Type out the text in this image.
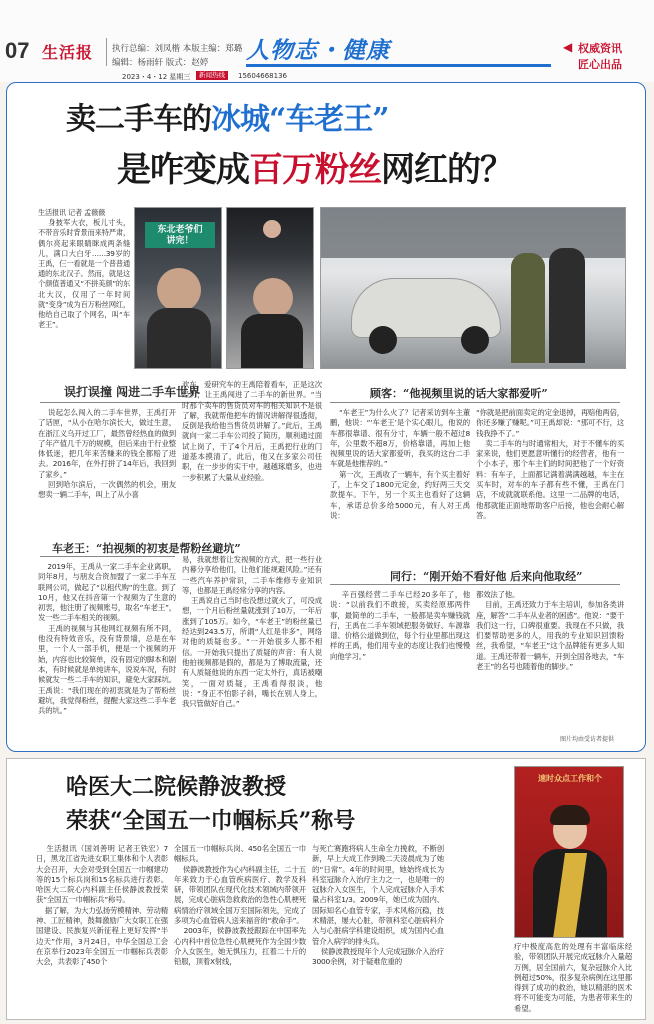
07 生活报 执行总编：刘凤楷 本版主编：郑璐
编辑：杨雨轩 版式：赵婷 人物志・健康	◀ 权威资讯
匠心出品
2023・4・12 星期三	新闻热线	15604668136
卖二手车的冰城“车老王”
是咋变成百万粉丝网红的？
生活报讯 记者 孟薇薇
身披军大衣，板儿寸头，不带音乐时背景而来特严肃，偶尔亮起来眼睛眯成两条缝儿，满口大白牙……39岁的王禹，仨一看就是一个普普通通的东北汉子。然而，就是这个颜值普通又“不拼美颜”的东北大汉，仅用了一年时间就“变身”成为百万粉丝网红，他给自己取了个网名，叫“车老王”。
东北老爷们
讲完！
误打误撞 闯进二手车世界
说起怎么闯入的二手车世界，王禹打开了话匣，“从小在哈尔滨长大，做过生意，在浙江义乌开过工厂，最然曾经热血的做到了年产值几千万的规模，但后来由于行业整体低迷，把几年来苦赚来的钱全都赔了进去。2016年，在外打拼了14年后，我回到了家乡。”
回到哈尔滨后，一次偶然的机会，朋友想卖一辆二手车，叫上了从小喜
欢车，爱研究车的王禹陪着看车，正是这次经历，让王禹闯进了二手车的新世界。“当时那个卖车的售货员对车的相关知识不是很了解，我就帮他把车的情况讲解得很透彻，反倒是我给他当售货员讲解了。”此后，王禹就向一家二手车公司投了简历，顺利通过面试上岗了，干了4个月后，王禹把行业的门道基本摸清了，此后，他又在多家公司任职，在一步步的实干中，越越琢磨多，也进一步积累了大量从业经验。
车老王：“拍视频的初衷是帮粉丝避坑”
2019年，王禹从一家二手车企业离职，同年8月，与朋友合资加盟了一家二手车互联网公司，做起了“以租代购”的生意。到了10月，他又在抖音第一个视频为了生意的初衷，他注册了视频账号，取名“车老王”，发一些二手车相关的视频。
王禹的视频与其他网红视频有所不同，他没有特效音乐，没有背景墙，总是在车里，一个人一部手机，便是一个视频的开始，内容也比较简单，没有固定的脚本和剧本，有时候就是单纯讲车，说说车况，有时候就发一些二手车的知识，避免大家踩坑。王禹说：“我们现在的初衷就是为了帮粉丝避坑，我觉得粉丝，提醒大家这些二手车老兵的坑。”
易，我就想着让发视频的方式，把一些行业内幕分享给他们，让他们能规避风险。”还有一些汽车养护常识，二手车维修专业知识等，也都是王禹经常分享的内容。
王禹说自己当时也没想过就火了，可没成想，一个月后粉丝量就涨到了10万，一年后涨到了105万。如今，“车老王”的粉丝量已经达到243.5万，所谓“人红是非多”，网络对他的质疑也多。“一开始很多人都不相信。一开始我只提出了质疑的声音：有人说他拍视频都是假的，都是为了博取流量，还有人质疑他说的东西一定太外行，真话被嘲笑，一面对质疑，王禹看得很淡，他说：“身正不怕影子斜，嘴长在别人身上，我只管做好自己。”
顾客：“他视频里说的话大家都爱听”
“车老王”为什么火了？记者采访到车主董鹏，他说：“‘车老王’是个实心眼儿，他说的车都很靠谱、很有分寸，车辆一般不超过8年，公里数不超8万，价格靠谱，再加上他视频里说的话大家都爱听，我买的这台二手车就是他推荐的。”
第一次，王禹收了一辆车，有个买主着好了，上车交了1800元定金，约好两三天交款提车。下午，另一个买主也看好了这辆车，承诺总价多给5000元，有人对王禹说：
“你就是把前面卖定的定金退掉，再赔他两倍，你还多赚了赚呢。”可王禹却说：“那可不行，这钱我挣不了。”
卖二手车的与时通常相大，对于不懂车的买家来说，他们更愿意听懂行的经营者，他有一个小本子，那个车主们的时间把他了一个好资料：有车子，上面都记满着满满越越，车主在买车时，对车的车子都有些不懂，王禹在门店，不成就就联系他。这里一二品牌的电话，他那就能正面地帮助客户后接，他也会耐心解答。
同行：“刚开始不看好他 后来向他取经”
辛百强经营二手车已经20多年了，他说：“以前我们不敢接，买卖经原那两件事，最简单的二手车，一般都是卖车赚钱就行，王禹在二手车领域把服务做好、车源靠谱、价格公道做到位，每个行业里都出现这样的王禹，他们用专业的态度让我们也慢慢向他学习。”
都效法了他。
目前，王禹还致力于车主培训，参加各类讲座，解答“二手车从业者的困惑”。他说：“要干我们这一行，口碑很重要。我现在不只做，我们要帮助更多的人，用我的专业知识回馈粉丝，我希望，“车老王”这个品牌能有更多人知道。王禹还带着一辆车，开到全国各地去，“车老王”的名号也随着他的脚步。”
图片均由受访者提供
哈医大二院候静波教授
荣获“全国五一巾帼标兵”称号
生活报讯（国刘善明 记者王铁宏）7日，黑龙江省先进女职工集体和个人表彰大会召开，大会对受到全国五一巾帼建功等的15个标兵岗和15名标兵进行表彰。哈医大二院心内科副主任侯静波教授荣获“全国五一巾帼标兵”称号。
据了解，为大力弘扬劳模精神、劳动精神、工匠精神，鼓舞激励广大女职工在强国建设、民族复兴新征程上更好发挥“半边天”作用，3月24日，中华全国总工会在京举行2023年全国五一巾帼标兵表彰大会，共表彰了450个
全国五一巾帼标兵岗、450名全国五一巾帼标兵。
侯静波教授作为心内科副主任，二十五年来致力于心血管疾病医疗、教学及科研，带领团队在现代化技术领域内带领开展，完成心脏病急救救治的急性心肌梗死病情治疗领域全国万至国际领先，完成了多项为心血管病人送来福音的“救命手”。
2003年，侯静波教授跟踪在中国率先心内科中首位急性心肌梗死作为全国少数介入女医生，她无惧压力，扛着二十斤的铅服，顶着X射线，
与死亡赛跑将病人生命全力挽救，不断创新，早上大成工作到晚二天凌晨成为了她的“日常”。4年的时间里，她始终成长为科室冠脉介入治疗主力之一，也是唯一的冠脉介入女医生，个人完成冠脉介入手术量占科室1/3。2009年，她已成为国内、国际知名心血管专家，手术风格沉稳，技术精湛，屡大心脏，带领科室心脏病科介入与心脏病学科建设组织，成为国内心血管介入病学的排头兵。
侯静波教授现年个人完成冠脉介入治疗3000余例，对于疑难危重的
疗中极度高危的处理有丰富临床经验，带领团队开展完成冠脉介入量超万例，居全国前六，复杂冠脉介入比例超过50%，很多复杂病例在这里都得到了成功的救治，她以精湛的医术将不可能变为可能，为患者带来生的希望。
速时众点工作和个
